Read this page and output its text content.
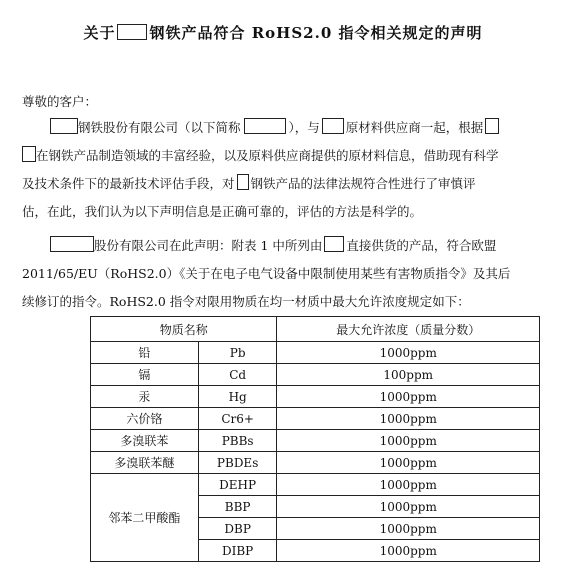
关于 钢铁产品符合 RoHS2.0 指令相关规定的声明
尊敬的客户：
钢铁股份有限公司（以下简称	），与 原材料供应商一起，根据
在钢铁产品制造领域的丰富经验，以及原料供应商提供的原材料信息，借助现有科学
及技术条件下的最新技术评估手段，对 钢铁产品的法律法规符合性进行了审慎评
估，在此，我们认为以下声明信息是正确可靠的，评估的方法是科学的。
股份有限公司在此声明：附表 1 中所列由 直接供货的产品，符合欧盟
2011/65/EU（RoHS2.0）《关于在电子电气设备中限制使用某些有害物质指令》及其后
续修订的指令。RoHS2.0 指令对限用物质在均一材质中最大允许浓度规定如下：
物质名称		最大允许浓度（质量分数）
铅	Pb	1000ppm
镉	Cd	100ppm
汞	Hg	1000ppm
六价铬	Cr6+	1000ppm
多溴联苯	PBBs	1000ppm
多溴联苯醚	PBDEs	1000ppm
邻苯二甲酸酯	DEHP	1000ppm
	BBP	1000ppm
	DBP	1000ppm
	DIBP	1000ppm
